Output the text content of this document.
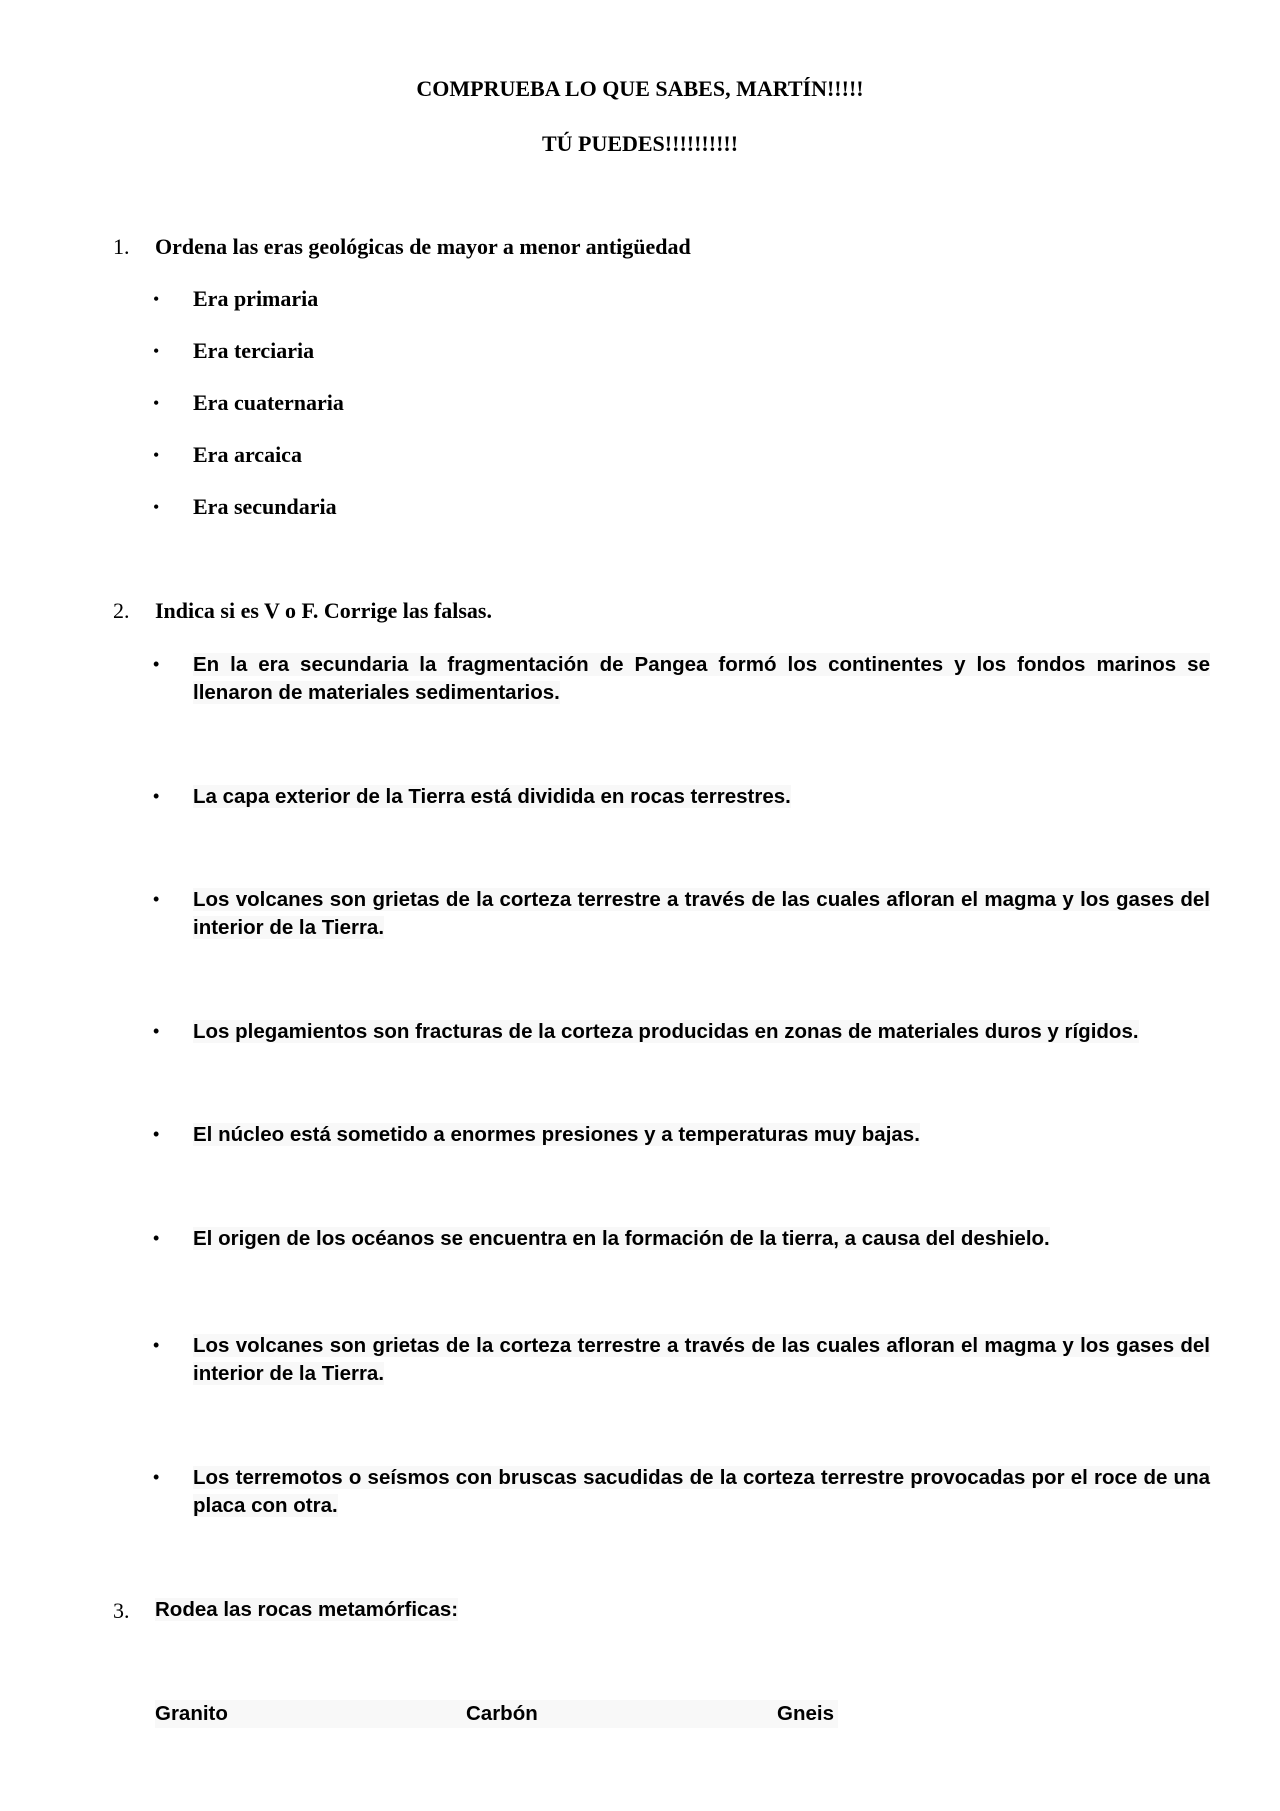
COMPRUEBA LO QUE SABES, MARTÍN!!!!!
TÚ PUEDES!!!!!!!!!!
1. Ordena las eras geológicas de mayor a menor antigüedad
• Era primaria
• Era terciaria
• Era cuaternaria
• Era arcaica
• Era secundaria
2. Indica si es V o F. Corrige las falsas.
• En la era secundaria la fragmentación de Pangea formó los continentes y los fondos marinos se llenaron de materiales sedimentarios.
• La capa exterior de la Tierra está dividida en rocas terrestres.
• Los volcanes son grietas de la corteza terrestre a través de las cuales afloran el magma y los gases del interior de la Tierra.
• Los plegamientos son fracturas de la corteza producidas en zonas de materiales duros y rígidos.
• El núcleo está sometido a enormes presiones y a temperaturas muy bajas.
• El origen de los océanos se encuentra en la formación de la tierra, a causa del deshielo.
• Los volcanes son grietas de la corteza terrestre a través de las cuales afloran el magma y los gases del interior de la Tierra.
• Los terremotos o seísmos con bruscas sacudidas de la corteza terrestre provocadas por el roce de una placa con otra.
3. Rodea las rocas metamórficas:
Granito	Carbón	Gneis
